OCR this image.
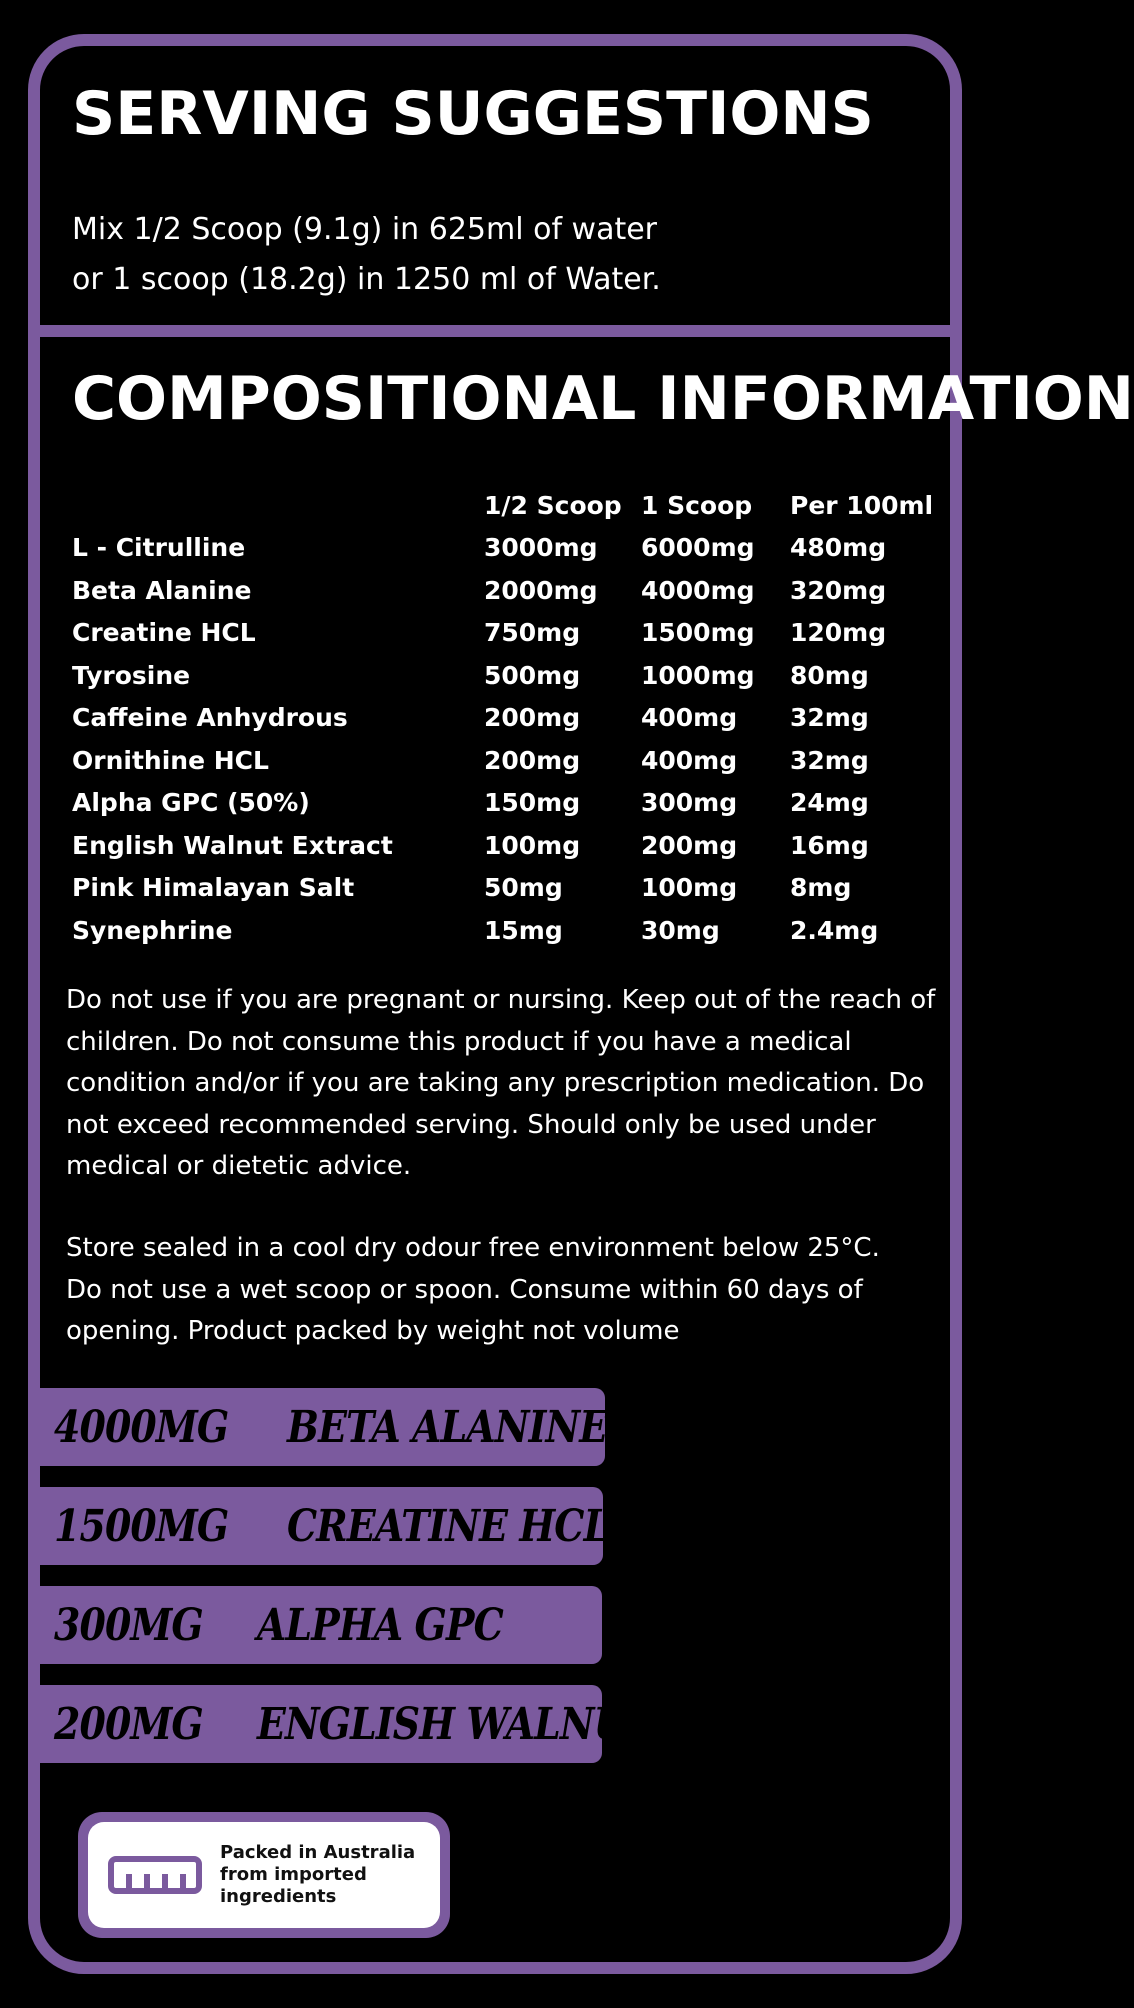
SERVING SUGGESTIONS
Mix 1/2 Scoop (9.1g) in 625ml of water
or 1 scoop (18.2g) in 1250 ml of Water.
COMPOSITIONAL INFORMATION
	1/2 Scoop	1 Scoop	Per 100ml
L - Citrulline	3000mg	6000mg	480mg
Beta Alanine	2000mg	4000mg	320mg
Creatine HCL	750mg	1500mg	120mg
Tyrosine	500mg	1000mg	80mg
Caffeine Anhydrous	200mg	400mg	32mg
Ornithine HCL	200mg	400mg	32mg
Alpha GPC (50%)	150mg	300mg	24mg
English Walnut Extract	100mg	200mg	16mg
Pink Himalayan Salt	50mg	100mg	8mg
Synephrine	15mg	30mg	2.4mg
Do not use if you are pregnant or nursing. Keep out of the reach of children. Do not consume this product if you have a medical condition and/or if you are taking any prescription medication. Do not exceed recommended serving. Should only be used under medical or dietetic advice.
Store sealed in a cool dry odour free environment below 25°C.
Do not use a wet scoop or spoon. Consume within 60 days of
opening. Product packed by weight not volume
4000MG BETA ALANINE
1500MG CREATINE HCL
300MG ALPHA GPC
200MG ENGLISH WALNUT
Packed in Australia
from imported
ingredients
